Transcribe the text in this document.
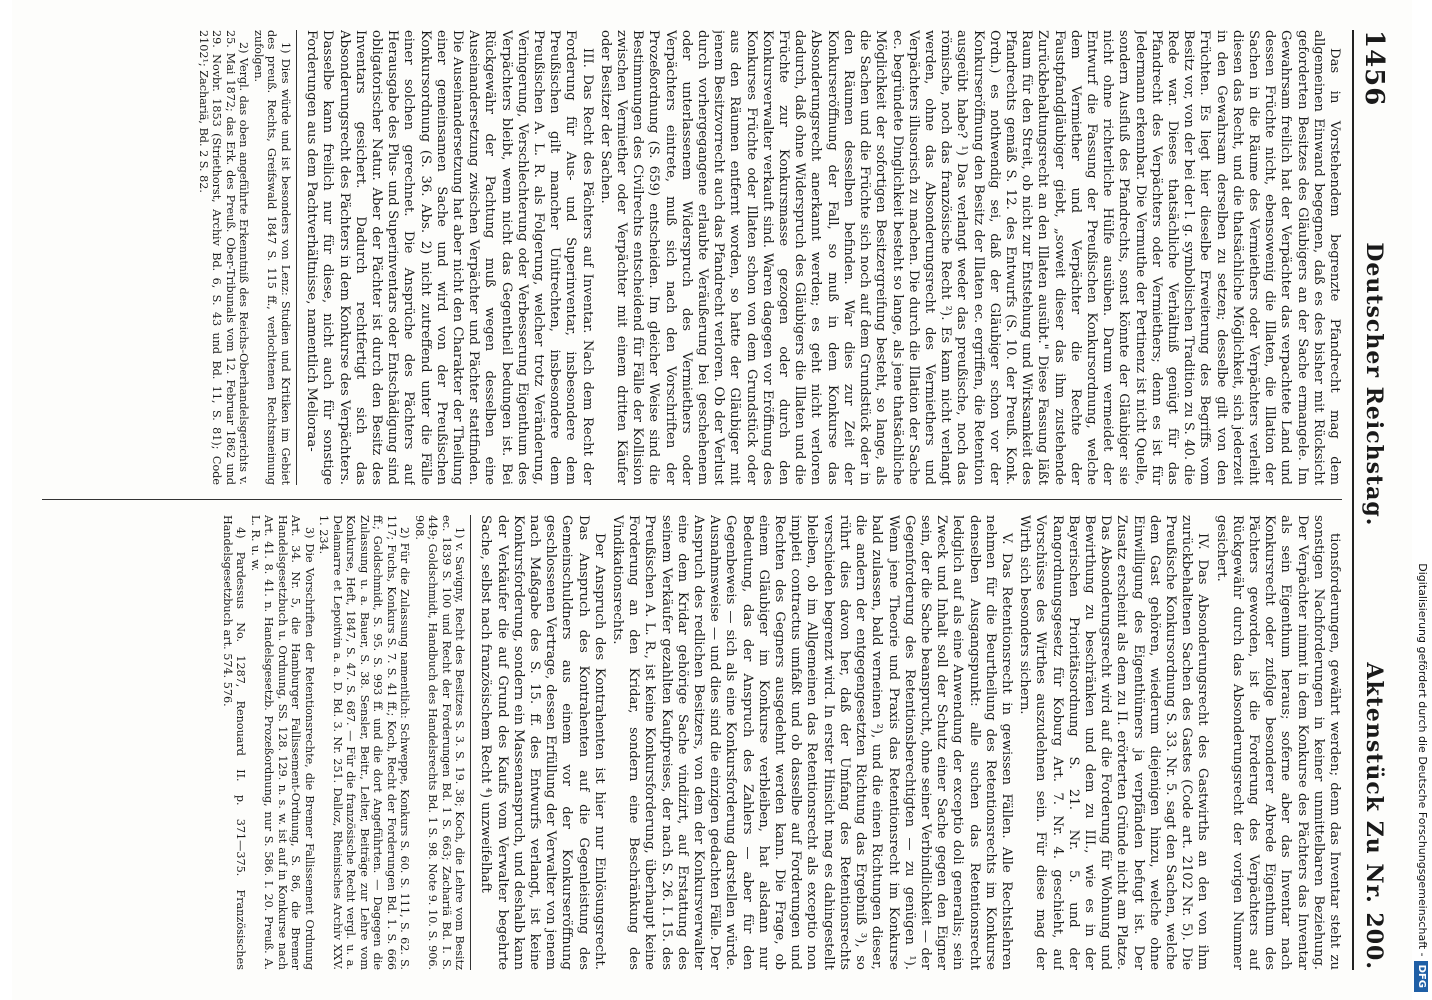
1456
Deutscher Reichstag.
Aktenstück Zu Nr. 200.

Das in Vorstehendem begrenzte Pfandrecht mag dem allgemeinen Einwand begegnen, daß es des bisher mit Rücksicht geforderten Besitzes des Gläubigers an der Sache ermangele. Im Gewahrsam freilich hat der Verpächter das verpachtete Land und dessen Früchte nicht, ebensowenig die Illaten, die Illation der Sachen in die Räume des Vermiethers oder Verpächters verleiht diesen das Recht, und die thatsächliche Möglichkeit, sich jederzeit in den Gewahrsam derselben zu setzen; desselbe gilt von den Früchten. Es liegt hier dieselbe Erweiterung des Begriffs vom Besitz vor, von der bei der l. g. symbolischen Tradition zu S. 40. die Rede war. Dieses thatsächliche Verhältniß genügt für das Pfandrecht des Verpächters oder Vermiethers; denn es ist für Jedermann erkennbar. Die Vermuthe der Pertinenz ist nicht Quelle, sondern Ausfluß des Pfandrechts, sonst könnte der Gläubiger sie nicht ohne richterliche Hülfe ausüben. Darum vermeidet der Entwurf die Fassung der Preußischen Konkursordnung, welche dem Vermiether und Verpächter die Rechte der Faustpfandgläubiger giebt, „soweit dieser das ihm zustehende Zurückbehaltungsrecht an den Illaten ausübt." Diese Fassung läßt Raum für den Streit, ob nicht zur Entstehung und Wirksamkeit des Pfandrechts gemäß S. 12. des Entwurfs (S. 10. der Preuß. Konk. Ordn.) es nothwendig sei, daß der Gläubiger schon vor der Konkurseröffnung den Besitz der Illaten ec. ergriffen, die Retention ausgeübt habe? ¹) Das verlangt weder das preußische, noch das römische, noch das französische Recht ²). Es kann nicht verlangt werden, ohne das Absonderungsrecht des Vermiethers und Verpächters illusorisch zu machen. Die durch die Illation der Sache ec. begründete Dinglichkeit besteht so lange, als jene thatsächliche Möglichkeit der sofortigen Besitzergreifung besteht, so lange, als die Sachen und die Früchte sich noch auf dem Grundstück oder in den Räumen desselben befinden. War dies zur Zeit der Konkurseröffnung der Fall, so muß in dem Konkurse das Absonderungsrecht anerkannt werden; es geht nicht verloren dadurch, daß ohne Widerspruch des Gläubigers die Illaten und die Früchte zur Konkursmasse gezogen oder durch den Konkursverwalter verkauft sind. Waren dagegen vor Eröffnung des Konkurses Früchte oder Illaten schon von dem Grundstück oder aus den Räumen entfernt worden, so hatte der Gläubiger mit jenem Besitzvorrecht auch das Pfandrecht verloren. Ob der Verlust durch vorhergegangene erlaubte Veräußerung bei geschehenem oder unterlassenem Widerspruch des Vermiethers oder Verpächters eintrete, muß sich nach den Vorschriften der Prozeßordnung (S. 659) entscheiden. Im gleicher Weise sind die Bestimmungen des Civilrechts entscheidend für Fälle der Kollision zwischen Vermiether oder Verpächter mit einem dritten Käufer oder Besitzer der Sachen.

III. Das Recht des Pächters auf Inventar. Nach dem Recht der Forderung für Aus- und Superinventar, insbesondere dem Preußischen gilt mancher Unitrechten, insbesondere dem Preußischen A. L. R. als Folgerung, welcher trotz Veränderung, Veringerung, Verschlechterung oder Verbesserung Eigenthum des Verpächters bleibt, wenn nicht das Gegentheil bedungen ist. Bei Rückgewähr der Pachtung muß wegen desselben eine Auseinandersetzung zwischen Verpächter und Pächter stattfinden. Die Auseinandersetzung hat aber nicht den Charakter der Theilung einer gemeinsamen Sache und wird von der Preußischen Konkursordnung (S. 36. Abs. 2) nicht zutreffend unter die Fälle einer solchen gerechnet. Die Ansprüche des Pächters auf Herausgabe des Plus- und Superinventars oder Entschädigung sind obligatorischer Natur. Aber der Pächter ist durch den Besitz des Inventars gesichert. Dadurch rechtfertigt sich das Absonderungsrecht des Pächters in dem Konkurse des Verpächters. Dasselbe kann freilich nur für diese, nicht auch für sonstige Forderungen aus dem Pachtverhältnisse, namentlich Melioraa-

1) Dies würde und ist besonders von Lenz: Studien und Kritiken im Gebiet des preuß. Rechts, Greifswald 1847 S. 115 ff., verlochtenen Rechtsmeinung zufolgen.

2) Vergl. das oben angeführte Erkenntniß des Reichs-Oberhandelsgerichts v. 25. Mai 1872; das Erk. des Preuß. Ober-Tribunals vom 12. Februar 1862 und 29. Novbr. 1853 (Striethorst, Archiv Bd. 6, S. 43 und Bd. 11, S. 81); Code 2102¹; Zachariä, Bd. 2 S. 82.

tionsforderungen, gewährt werden; denn das Inventar steht zu sonstigen Nachforderungen in keiner unmittelbaren Beziehung. Der Verpächter nimmt in dem Konkurse des Pächters das Inventar als sein Eigenthum heraus; soferne aber das Inventar nach Konkursrecht oder zufolge besonderer Abrede Eigenthum des Pächters geworden, ist die Forderung des Verpächters auf Rückgewähr durch das Absonderungsrecht der vorigen Nummer gesichert.

IV. Das Absonderungsrecht des Gastwirths an den von ihm zurückbehaltenen Sachen des Gastes (Code art. 2102 Nr. 5). Die Preußische Konkursordnung S. 33. Nr. 5. sagt den Sachen, welche dem Gast gehören, wiederum diejenigen hinzu, welche ohne Einwilligung des Eigenthümers ja verpfänden befugt ist. Der Zusatz erscheint als dem zu II. erörterten Gründe nicht am Platze. Das Absonderungsrecht wird auf die Forderung für Wohnung und Bewirthung zu beschränken und dem zu III., wie es in der Bayerischen Prioritätsordnung S. 21. Nr. 5. und der Rangordnungsgesetz für Koburg Art. 7. Nr. 4. geschieht, auf Vorschüsse des Wirthes auszudehnen sein. Für diese mag der Wirth sich besonders sichern.

V. Das Retentionsrecht in gewissen Fällen. Alle Rechtslehren nehmen für die Beurtheilung des Retentionsrechts im Konkurse denselben Ausgangspunkt: alle suchen das Retentionsrecht lediglich auf als eine Anwendung der exceptio doli generalis; sein Zweck und Inhalt soll der Schutz einer Sache gegen den Eigner sein, der die Sache beansprucht, ohne seiner Verbindlichkeit — der Gegenforderung des Retentionsberechtigten — zu genügen ¹). Wenn jene Theorie und Praxis das Retentionsrecht im Konkurse bald zulassen, bald verneinen ²), und die einen Richtungen dieser, die andern der entgegengesetzten Richtung das Ergebniß ³), so rührt dies davon her, daß der Umfang des Retentionsrechts verschieden begrenzt wird. In erster Hinsicht mag es dahingestellt bleiben, ob im Allgemeinen das Retentionsrecht als exceptio non impleti contractus umfaßt und ob dasselbe auf Forderungen und Rechten des Gegners ausgedehnt werden kann. Die Frage, ob einem Gläubiger im Konkurse verbleiben, hat alsdann nur Bedeutung, das der Anspruch des Zahlers — aber für den Gegenbeweis — sich als eine Konkursforderung darstellen würde. Ausnahmsweise — und dies sind die einzigen gedachten Fälle. Der Anspruch des redlichen Besitzers, von dem der Konkursverwalter eine dem Kridar gehörige Sache vindizirt, auf Erstattung des seinem Verkäufer gezahlten Kaufpreises, der nach S. 26. I. 15. des Preußischen A. L. R., ist keine Konkursforderung, überhaupt keine Forderung an den Kridar, sondern eine Beschränkung des Vindikationsrechts.

Der Anspruch des Kontrahenten ist hier nur Einlösungsrecht. Das Anspruch des Kontrahenten auf die Gegenleistung des Gemeinschuldners aus einem vor der Konkurseröffnung geschlossenen Vertrage, dessen Erfüllung der Verwalter von jenem nach Maßgabe des S. 15. ff. des Entwurfs verlangt, ist keine Konkursforderung, sondern ein Massenanspruch, und deshalb kann der Verkäufer die auf Grund des Kaufs vom Verwalter begehrte Sache, selbst nach französischem Recht ⁴) unzweifelhaft

1) v. Savigny, Recht des Besitzes S. 3. S. 19. 38; Koch, die Lehre vom Besitz ec. 1839 S. 100 und Recht der Forderungen Bd. 1 S. 663; Zachariä Bd. I. S. 449; Goldschmidt, Handbuch des Handelsrechts Bd. 1 S. 98. Note 9. 10. S. 906. 908.

2) Für die Zulassung namentlich: Schweppe, Konkurs S. 60. S. 111, S. 62. S. 117; Fuchs, Konkurs S. 7. S. 41 ff.; Koch, Recht der Forderungen Bd. 1. S. 666 ff.; Goldschmidt, S. 95. S. 993 ff. und die dort Angeführten. — Dagegen die Zulassung u. a. Bauer, S. 38. Sensler, Beitr., Lelter, Beiträge zur Lehre vom Konkurse, Heft, 1847, S. 47. S. 687. — Für die französische Recht vergl. u. a. Delamarre et Lepoitvin a. a. D. Bd. 3. Nr. 251. Dalloz, Rheinisches Archiv XXV. 1. 234.

3) Die Vorschriften der Retentionsrechte, die Bremer Fallissement Ordnung Art. 34. Nr. 5, die Hamburger Fallissement-Ordnung, S. 86, die Bremer Handelsgesetzbuch u. Ordnung, SS. 128. 129. n. s. w. ist auf in Konkurse nach Art. 41. 8. 41. n. Handelsgesetzb. Prozeßordnung, nur S. 586. I. 20. Preuß. A. L. R. u. w.

4) Pardessus No. 1287, Renouard II. p. 371—375. Französisches Handelsgesetzbuch art. 574. 576.	Digitalisierung gefördert durch die Deutsche Forschungsgemeinschaft -DFG
